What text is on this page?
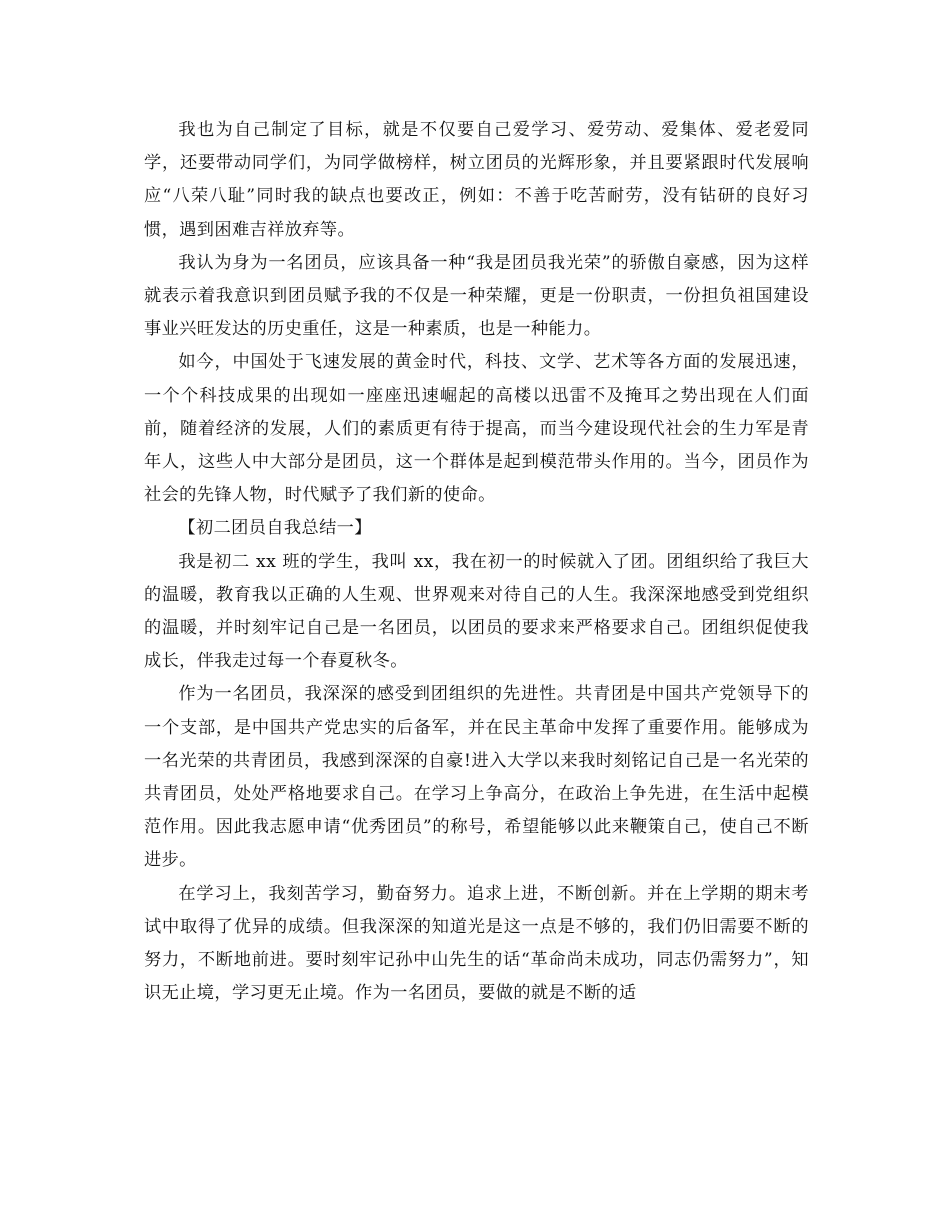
我也为自己制定了目标，就是不仅要自己爱学习、爱劳动、爱集体、爱老爱同学，还要带动同学们，为同学做榜样，树立团员的光辉形象，并且要紧跟时代发展响应“八荣八耻”同时我的缺点也要改正，例如：不善于吃苦耐劳，没有钻研的良好习惯，遇到困难吉祥放弃等。

我认为身为一名团员，应该具备一种“我是团员我光荣”的骄傲自豪感，因为这样就表示着我意识到团员赋予我的不仅是一种荣耀，更是一份职责，一份担负祖国建设事业兴旺发达的历史重任，这是一种素质，也是一种能力。

如今，中国处于飞速发展的黄金时代，科技、文学、艺术等各方面的发展迅速，一个个科技成果的出现如一座座迅速崛起的高楼以迅雷不及掩耳之势出现在人们面前，随着经济的发展，人们的素质更有待于提高，而当今建设现代社会的生力军是青年人，这些人中大部分是团员，这一个群体是起到模范带头作用的。当今，团员作为社会的先锋人物，时代赋予了我们新的使命。

【初二团员自我总结一】

我是初二 xx 班的学生，我叫 xx，我在初一的时候就入了团。团组织给了我巨大的温暖，教育我以正确的人生观、世界观来对待自己的人生。我深深地感受到党组织的温暖，并时刻牢记自己是一名团员，以团员的要求来严格要求自己。团组织促使我成长，伴我走过每一个春夏秋冬。

作为一名团员，我深深的感受到团组织的先进性。共青团是中国共产党领导下的一个支部，是中国共产党忠实的后备军，并在民主革命中发挥了重要作用。能够成为一名光荣的共青团员，我感到深深的自豪!进入大学以来我时刻铭记自己是一名光荣的共青团员，处处严格地要求自己。在学习上争高分，在政治上争先进，在生活中起模范作用。因此我志愿申请“优秀团员”的称号，希望能够以此来鞭策自己，使自己不断进步。

在学习上，我刻苦学习，勤奋努力。追求上进，不断创新。并在上学期的期末考试中取得了优异的成绩。但我深深的知道光是这一点是不够的，我们仍旧需要不断的努力，不断地前进。要时刻牢记孙中山先生的话“革命尚未成功，同志仍需努力”，知识无止境，学习更无止境。作为一名团员，要做的就是不断的适
